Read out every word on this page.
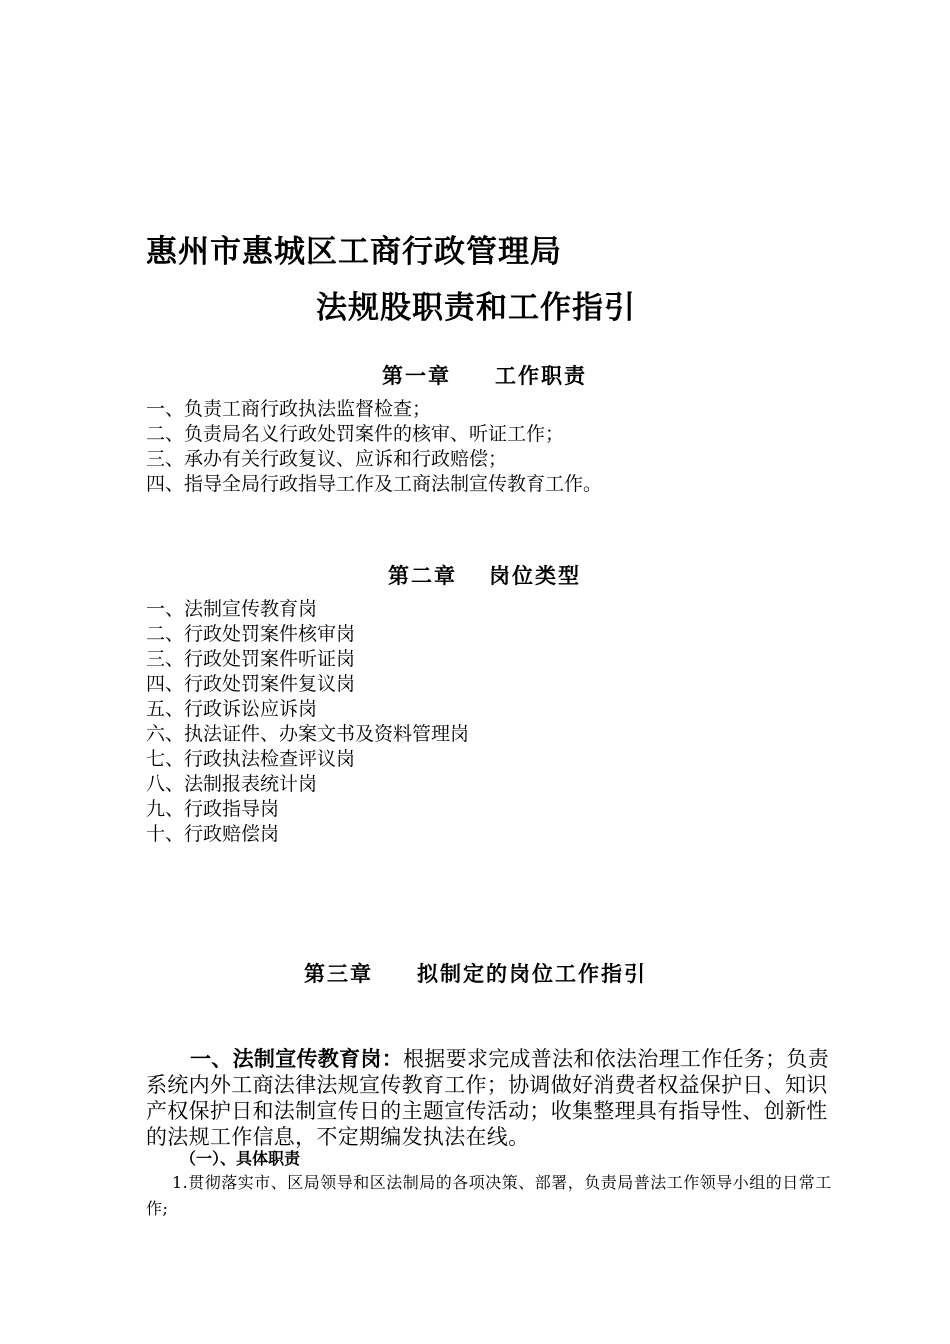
惠州市惠城区工商行政管理局
法规股职责和工作指引
第一章 工作职责
一、负责工商行政执法监督检查；
二、负责局名义行政处罚案件的核审、听证工作；
三、承办有关行政复议、应诉和行政赔偿；
四、指导全局行政指导工作及工商法制宣传教育工作。
第二章 岗位类型
一、法制宣传教育岗
二、行政处罚案件核审岗
三、行政处罚案件听证岗
四、行政处罚案件复议岗
五、行政诉讼应诉岗
六、执法证件、办案文书及资料管理岗
七、行政执法检查评议岗
八、法制报表统计岗
九、行政指导岗
十、行政赔偿岗
第三章 拟制定的岗位工作指引
一、法制宣传教育岗：根据要求完成普法和依法治理工作任务；负责系统内外工商法律法规宣传教育工作；协调做好消费者权益保护日、知识产权保护日和法制宣传日的主题宣传活动；收集整理具有指导性、创新性的法规工作信息，不定期编发执法在线。
（一）、具体职责
1.贯彻落实市、区局领导和区法制局的各项决策、部署，负责局普法工作领导小组的日常工作;
